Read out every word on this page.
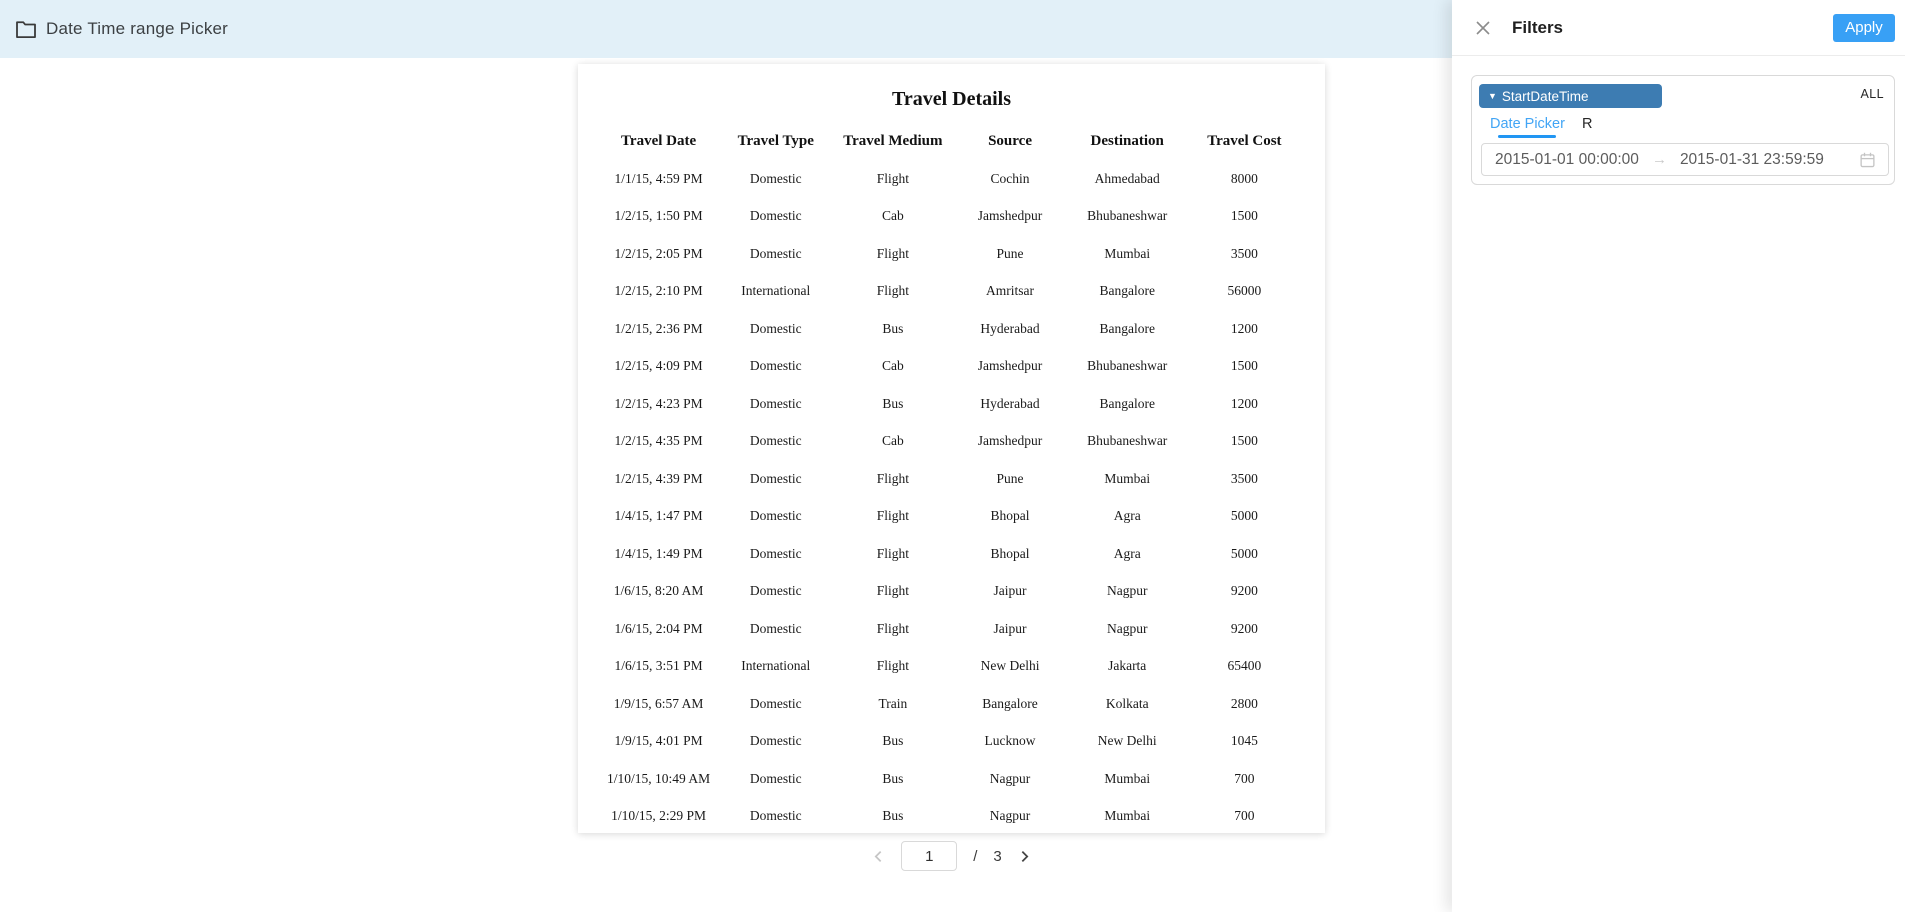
Date Time range Picker
Travel Details
Travel Date	Travel Type	Travel Medium	Source	Destination	Travel Cost
1/1/15, 4:59 PM	Domestic	Flight	Cochin	Ahmedabad	8000
1/2/15, 1:50 PM	Domestic	Cab	Jamshedpur	Bhubaneshwar	1500
1/2/15, 2:05 PM	Domestic	Flight	Pune	Mumbai	3500
1/2/15, 2:10 PM	International	Flight	Amritsar	Bangalore	56000
1/2/15, 2:36 PM	Domestic	Bus	Hyderabad	Bangalore	1200
1/2/15, 4:09 PM	Domestic	Cab	Jamshedpur	Bhubaneshwar	1500
1/2/15, 4:23 PM	Domestic	Bus	Hyderabad	Bangalore	1200
1/2/15, 4:35 PM	Domestic	Cab	Jamshedpur	Bhubaneshwar	1500
1/2/15, 4:39 PM	Domestic	Flight	Pune	Mumbai	3500
1/4/15, 1:47 PM	Domestic	Flight	Bhopal	Agra	5000
1/4/15, 1:49 PM	Domestic	Flight	Bhopal	Agra	5000
1/6/15, 8:20 AM	Domestic	Flight	Jaipur	Nagpur	9200
1/6/15, 2:04 PM	Domestic	Flight	Jaipur	Nagpur	9200
1/6/15, 3:51 PM	International	Flight	New Delhi	Jakarta	65400
1/9/15, 6:57 AM	Domestic	Train	Bangalore	Kolkata	2800
1/9/15, 4:01 PM	Domestic	Bus	Lucknow	New Delhi	1045
1/10/15, 10:49 AM	Domestic	Bus	Nagpur	Mumbai	700
1/10/15, 2:29 PM	Domestic	Bus	Nagpur	Mumbai	700
1	/ 3
Filters	Apply
▼ StartDateTime	ALL
Date Picker R
2015-01-01 00:00:00 → 2015-01-31 23:59:59
